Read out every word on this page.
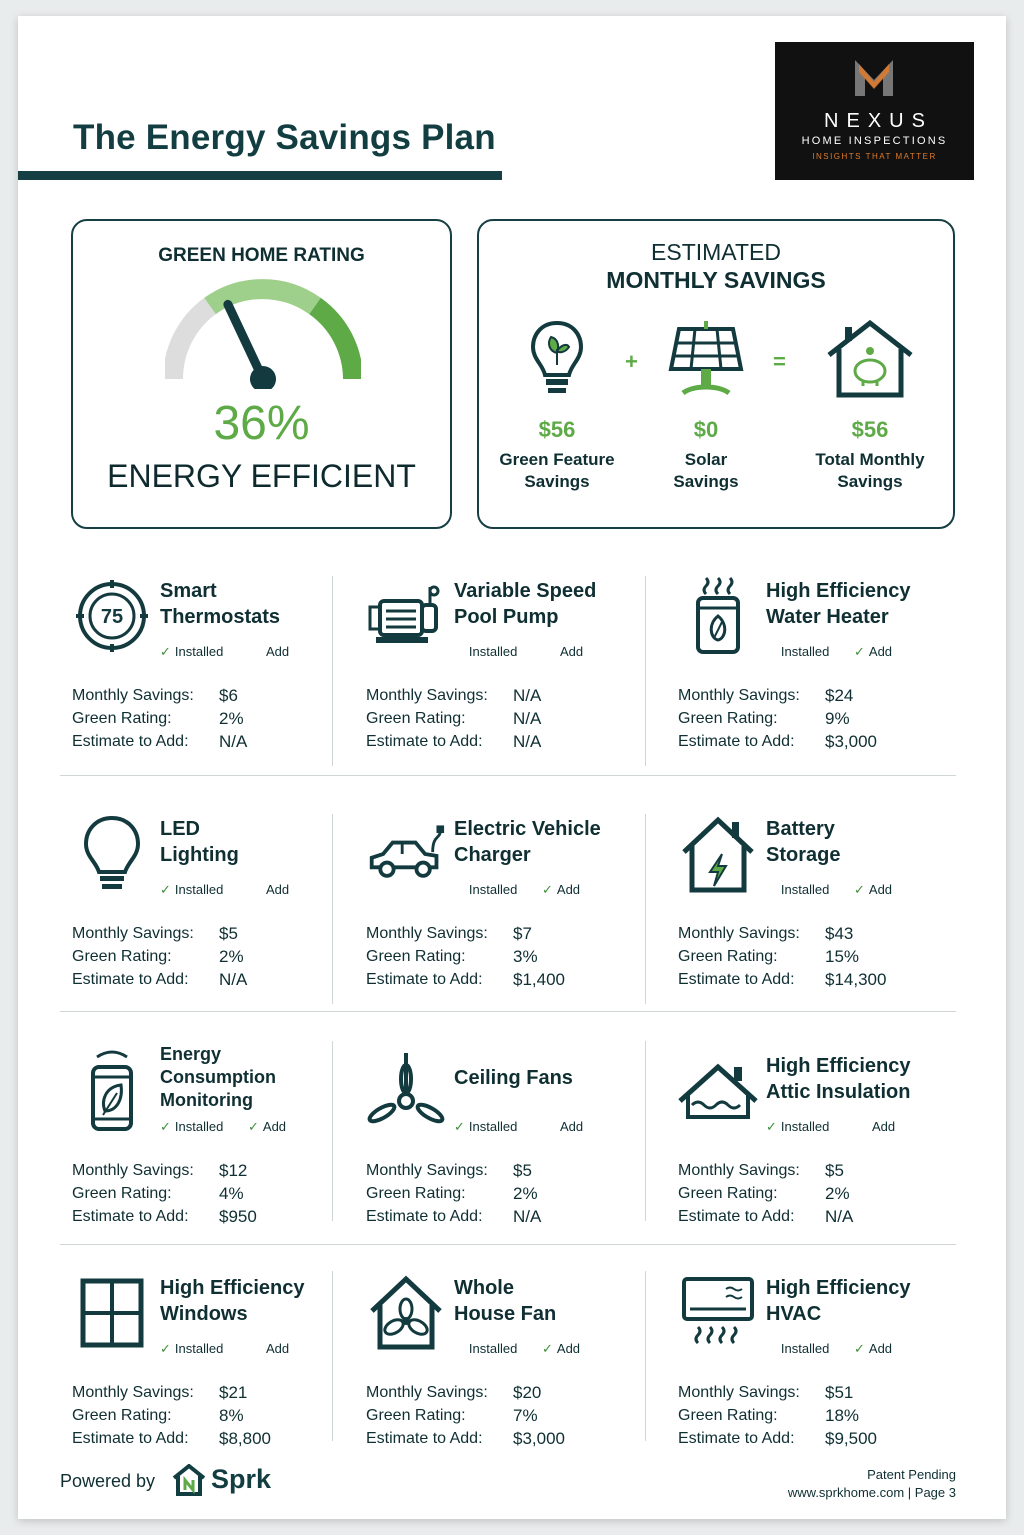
The Energy Savings Plan	NEXUS
HOME INSPECTIONS
INSIGHTS THAT MATTER
GREEN HOME RATING
36%
ENERGY EFFICIENT
ESTIMATED
MONTHLY SAVINGS
$56
Green Feature
Savings
+
$0
Solar
Savings
=
$56
Total Monthly
Savings
75
Smart
Thermostats
✓ Installed	Add
Monthly Savings:	$6
Green Rating:	2%
Estimate to Add:	N/A
Variable Speed
Pool Pump
Installed	Add
Monthly Savings:	N/A
Green Rating:	N/A
Estimate to Add:	N/A
High Efficiency
Water Heater
Installed ✓ Add
Monthly Savings:	$24
Green Rating:	9%
Estimate to Add:	$3,000
LED
Lighting
✓ Installed	Add
Monthly Savings:	$5
Green Rating:	2%
Estimate to Add:	N/A
Electric Vehicle
Charger
Installed ✓ Add
Monthly Savings:	$7
Green Rating:	3%
Estimate to Add:	$1,400
Battery
Storage
Installed ✓ Add
Monthly Savings:	$43
Green Rating:	15%
Estimate to Add:	$14,300
Energy
Consumption
Monitoring
✓ Installed ✓ Add
Monthly Savings:	$12
Green Rating:	4%
Estimate to Add:	$950
Ceiling Fans
✓ Installed	Add
Monthly Savings:	$5
Green Rating:	2%
Estimate to Add:	N/A
High Efficiency
Attic Insulation
✓ Installed	Add
Monthly Savings:	$5
Green Rating:	2%
Estimate to Add:	N/A
High Efficiency
Windows
✓ Installed	Add
Monthly Savings:	$21
Green Rating:	8%
Estimate to Add:	$8,800
Whole
House Fan
Installed ✓ Add
Monthly Savings:	$20
Green Rating:	7%
Estimate to Add:	$3,000
High Efficiency
HVAC
Installed ✓ Add
Monthly Savings:	$51
Green Rating:	18%
Estimate to Add:	$9,500
Powered by Sprk	Patent Pending
www.sprkhome.com | Page 3
